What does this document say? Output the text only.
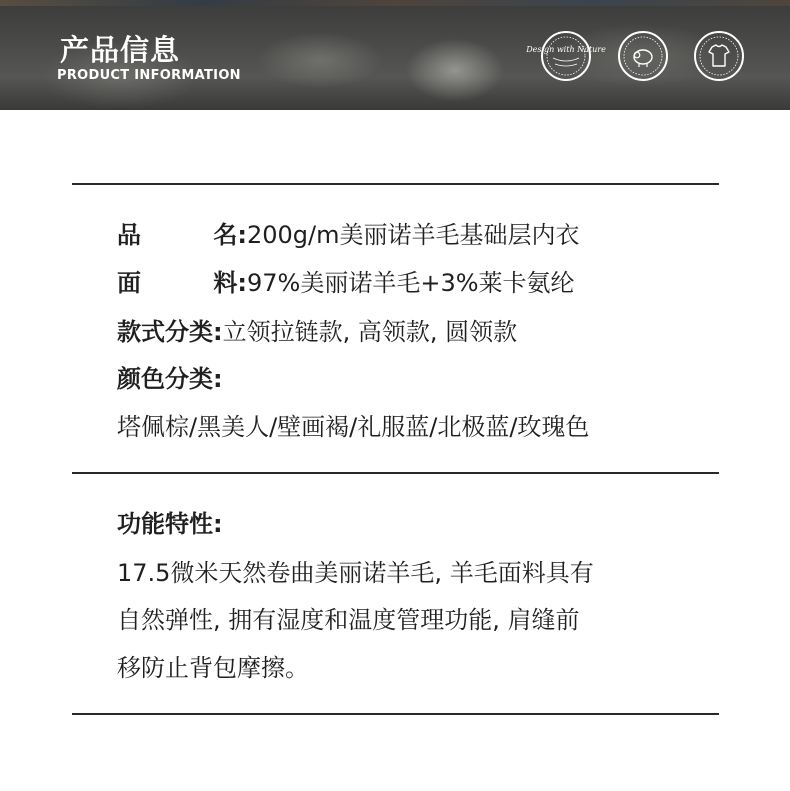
产品信息
PRODUCT INFORMATION
Design with Nature
品	名: 200g/m美丽诺羊毛基础层内衣
面	料: 97%美丽诺羊毛+3%莱卡氨纶
款式分类:立领拉链款, 高领款, 圆领款
颜色分类:
塔佩棕/黑美人/壁画褐/礼服蓝/北极蓝/玫瑰色
功能特性:
17.5微米天然卷曲美丽诺羊毛, 羊毛面料具有
自然弹性, 拥有湿度和温度管理功能, 肩缝前
移防止背包摩擦。
